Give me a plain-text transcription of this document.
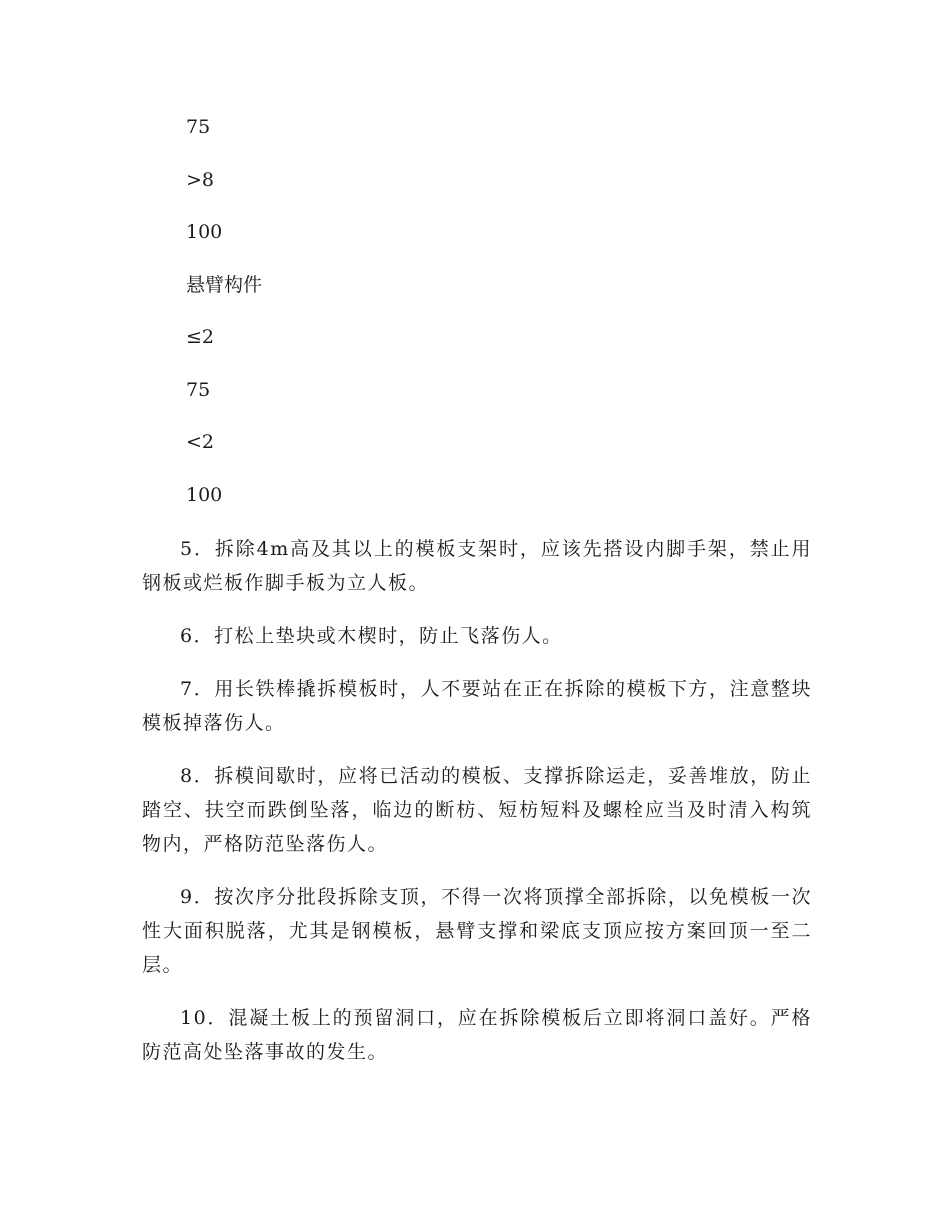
75
>8
100
悬臂构件
≤2
75
<2
100

5．拆除4m高及其以上的模板支架时，应该先搭设内脚手架，禁止用钢板或烂板作脚手板为立人板。

6．打松上垫块或木楔时，防止飞落伤人。

7．用长铁棒撬拆模板时，人不要站在正在拆除的模板下方，注意整块模板掉落伤人。

8．拆模间歇时，应将已活动的模板、支撑拆除运走，妥善堆放，防止踏空、扶空而跌倒坠落，临边的断枋、短枋短料及螺栓应当及时清入构筑物内，严格防范坠落伤人。

9．按次序分批段拆除支顶，不得一次将顶撑全部拆除，以免模板一次性大面积脱落，尤其是钢模板，悬臂支撑和梁底支顶应按方案回顶一至二层。

10．混凝土板上的预留洞口，应在拆除模板后立即将洞口盖好。严格防范高处坠落事故的发生。
